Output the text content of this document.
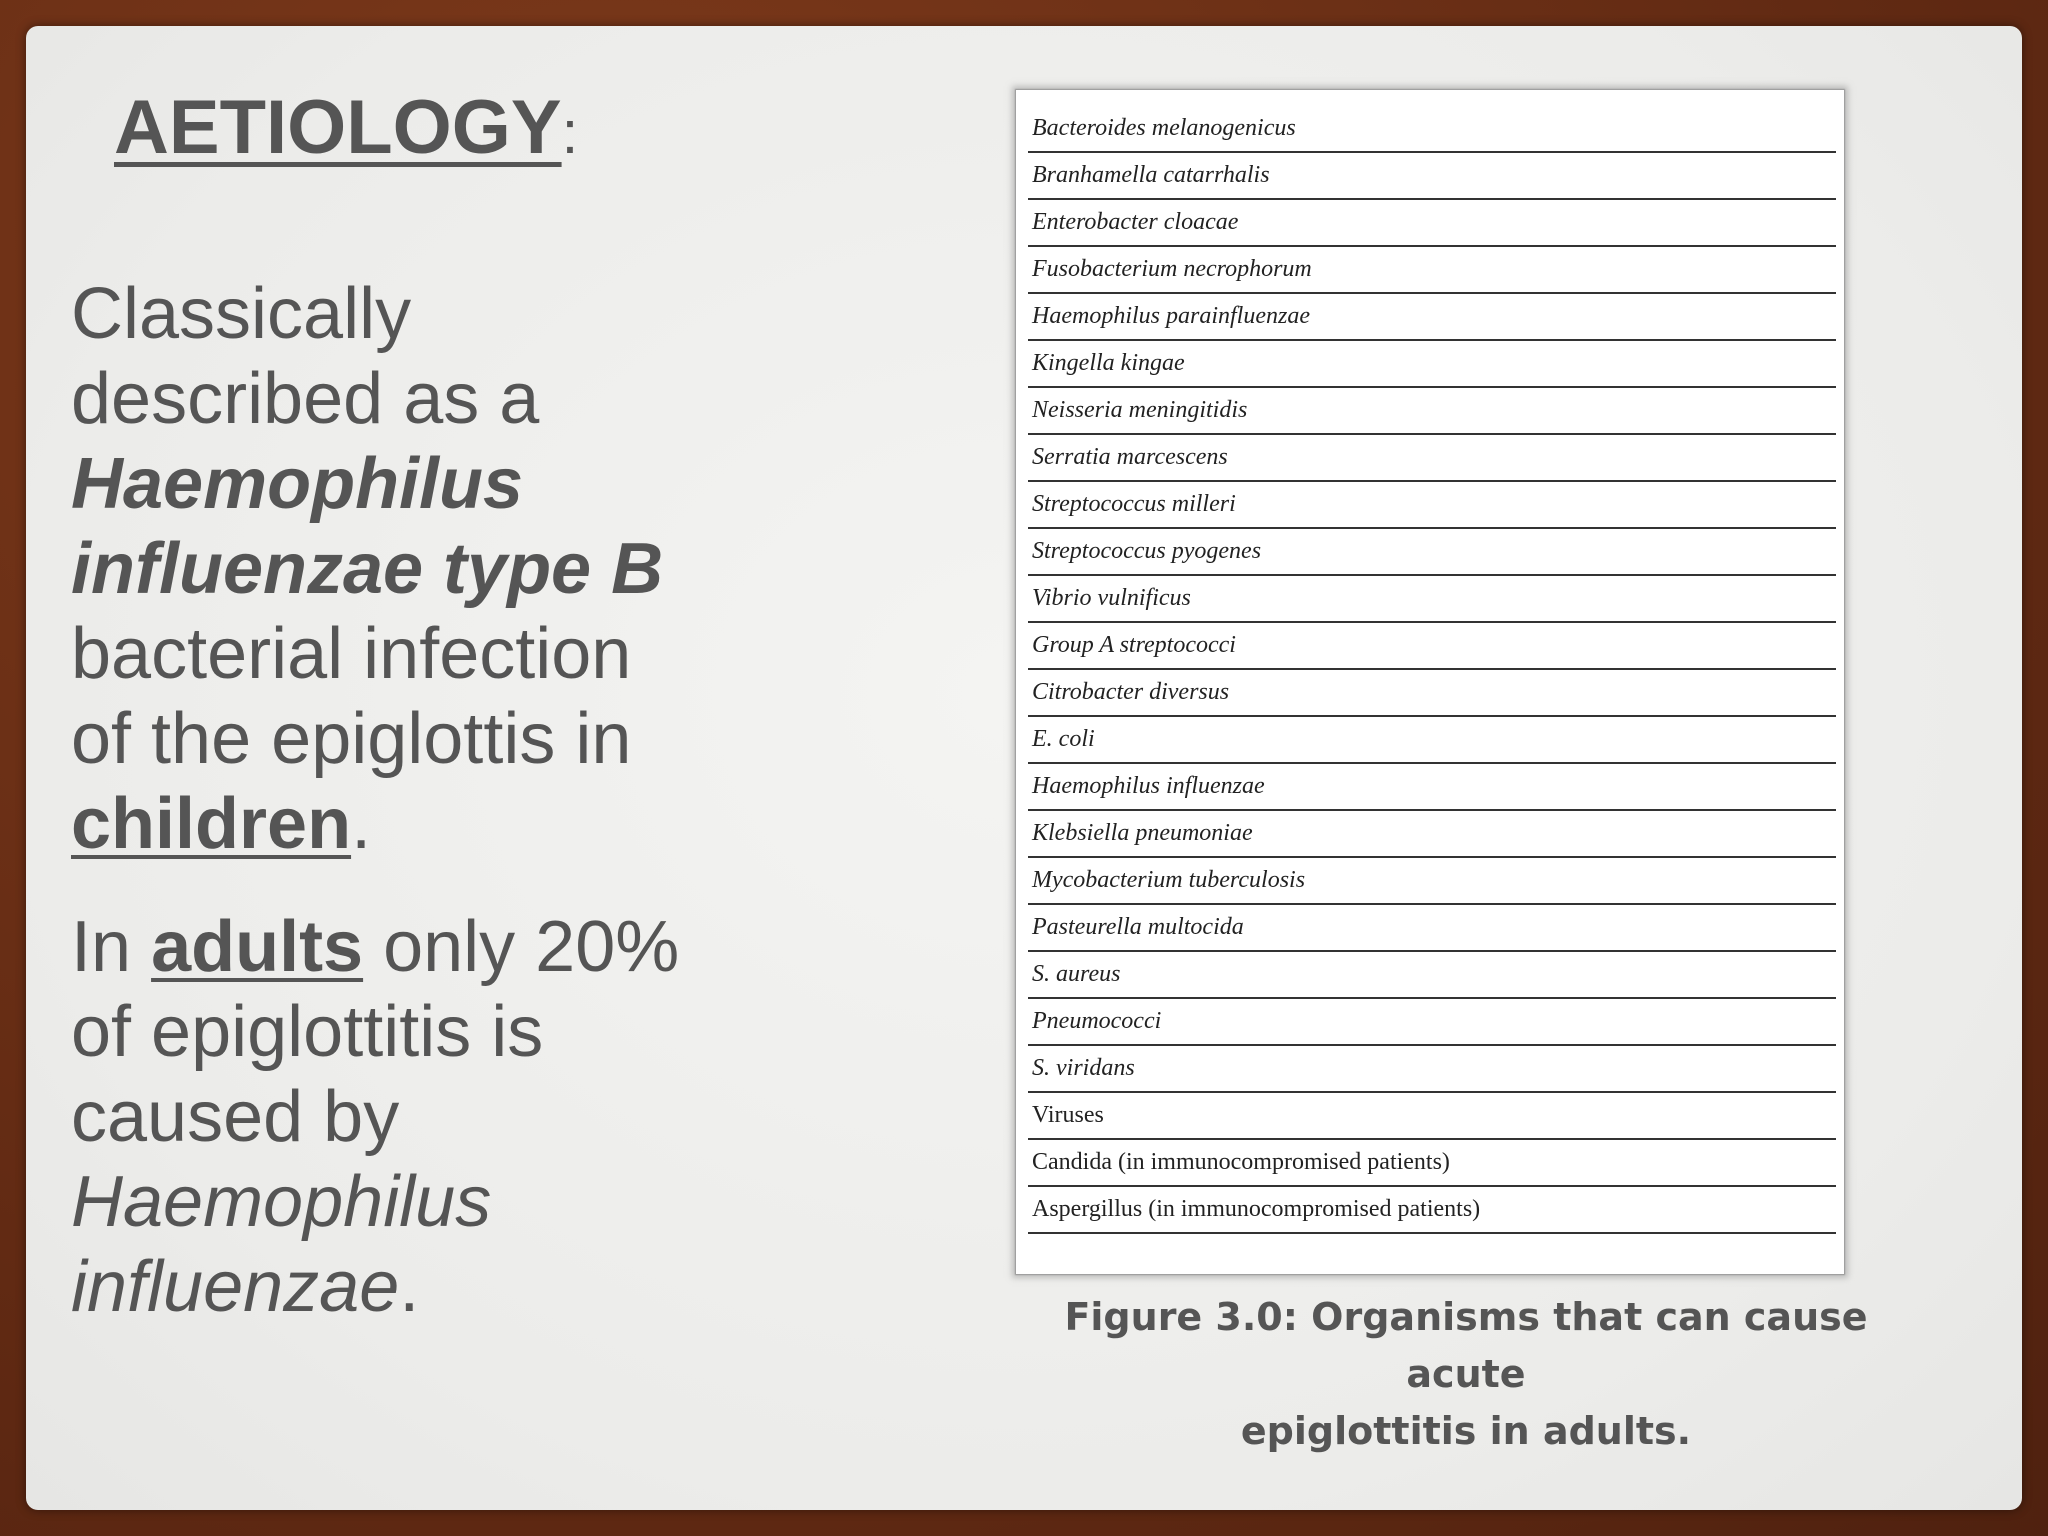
AETIOLOGY:

Classically
described as a
Haemophilus
influenzae type B
bacterial infection
of the epiglottis in
children.

In adults only 20%
of epiglottitis is
caused by
Haemophilus
influenzae.

Bacteroides melanogenicus
Branhamella catarrhalis
Enterobacter cloacae
Fusobacterium necrophorum
Haemophilus parainfluenzae
Kingella kingae
Neisseria meningitidis
Serratia marcescens
Streptococcus milleri
Streptococcus pyogenes
Vibrio vulnificus
Group A streptococci
Citrobacter diversus
E. coli
Haemophilus influenzae
Klebsiella pneumoniae
Mycobacterium tuberculosis
Pasteurella multocida
S. aureus
Pneumococci
S. viridans
Viruses
Candida (in immunocompromised patients)
Aspergillus (in immunocompromised patients)
Figure 3.0: Organisms that can cause acute
epiglottitis in adults.
